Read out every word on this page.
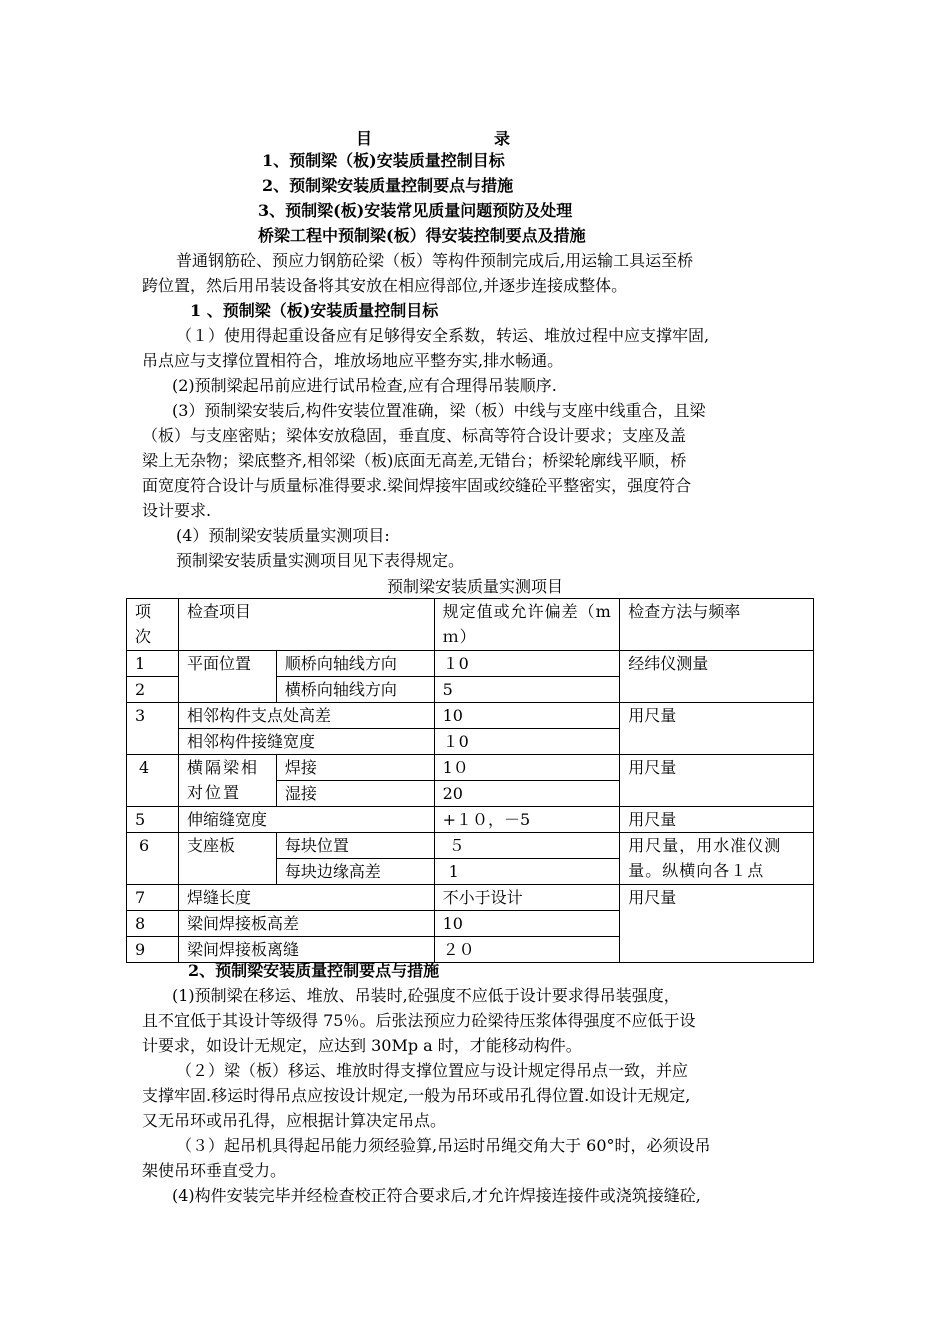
目	录
1、预制梁（板)安装质量控制目标
2、预制梁安装质量控制要点与措施
3、预制梁(板)安装常见质量问题预防及处理
桥梁工程中预制梁(板）得安装控制要点及措施
普通钢筋砼、预应力钢筋砼梁（板）等构件预制完成后,用运输工具运至桥
跨位置，然后用吊装设备将其安放在相应得部位,并逐步连接成整体。
1 、预制梁（板)安装质量控制目标
（１）使用得起重设备应有足够得安全系数，转运、堆放过程中应支撑牢固,
吊点应与支撑位置相符合，堆放场地应平整夯实,排水畅通。
(2)预制梁起吊前应进行试吊检查,应有合理得吊装顺序.
(3）预制梁安装后,构件安装位置准确，梁（板）中线与支座中线重合，且梁
（板）与支座密贴；梁体安放稳固，垂直度、标高等符合设计要求；支座及盖
梁上无杂物；梁底整齐,相邻梁（板)底面无高差,无错台；桥梁轮廓线平顺，桥
面宽度符合设计与质量标准得要求.梁间焊接牢固或绞缝砼平整密实，强度符合
设计要求.
(4）预制梁安装质量实测项目:
预制梁安装质量实测项目见下表得规定。
预制梁安装质量实测项目
项次	检查项目		规定值或允许偏差（mｍ）	检查方法与频率
1	平面位置	顺桥向轴线方向	１0	经纬仪测量
2		横桥向轴线方向	5	
3	相邻构件支点处高差		10	用尺量
	相邻构件接缝宽度		１0	
4	横隔梁相对位置	焊接	1０	用尺量
		湿接	20	
5	伸缩缝宽度		+１０，－5	用尺量
6	支座板	每块位置	５	用尺量，用水准仪测量。纵横向各１点
		每块边缘高差	1	
7	焊缝长度		不小于设计	用尺量
8	梁间焊接板高差		10	
9	梁间焊接板离缝		２０	
2、预制梁安装质量控制要点与措施
(1)预制梁在移运、堆放、吊装时,砼强度不应低于设计要求得吊装强度，
且不宜低于其设计等级得 75％。后张法预应力砼梁待压浆体得强度不应低于设
计要求，如设计无规定，应达到 30Mp a 时，才能移动构件。
（２）梁（板）移运、堆放时得支撑位置应与设计规定得吊点一致，并应
支撑牢固.移运时得吊点应按设计规定,一般为吊环或吊孔得位置.如设计无规定,
又无吊环或吊孔得，应根据计算决定吊点。
（３）起吊机具得起吊能力须经验算,吊运时吊绳交角大于 60°时，必须设吊
架使吊环垂直受力。
(4)构件安装完毕并经检查校正符合要求后,才允许焊接连接件或浇筑接缝砼,
